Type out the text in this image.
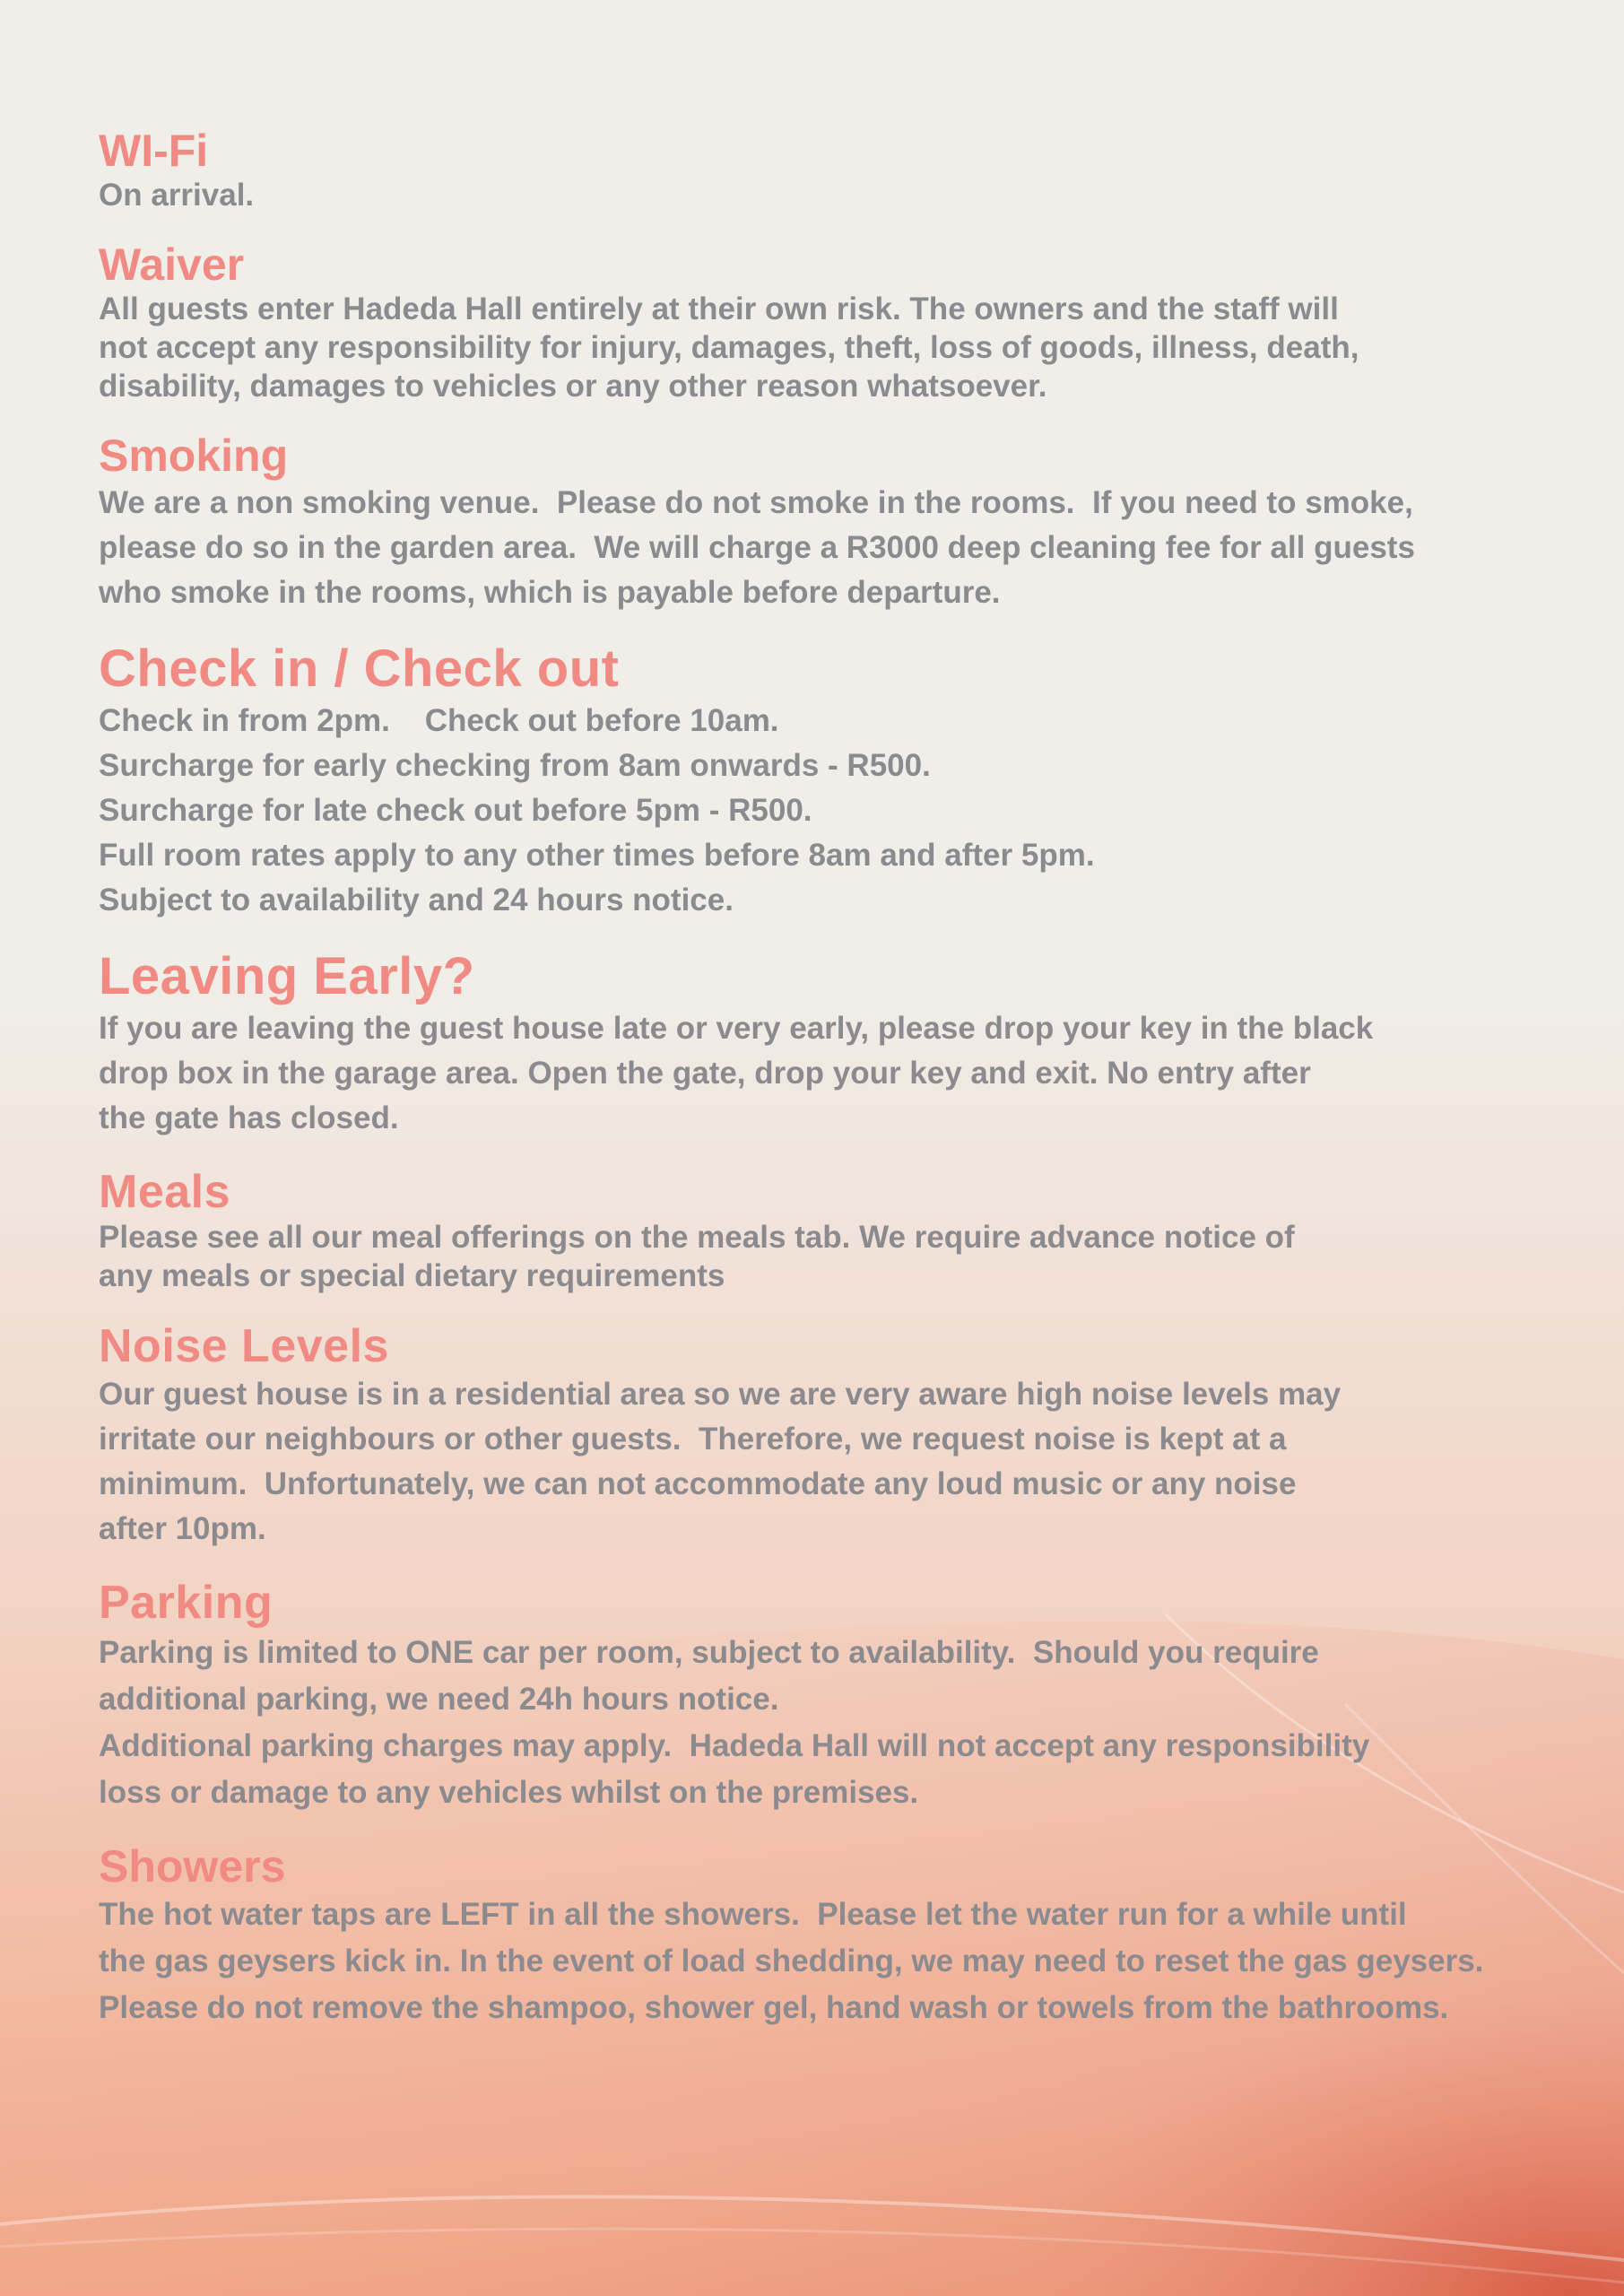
WI-Fi

On arrival.

Waiver

All guests enter Hadeda Hall entirely at their own risk. The owners and the staff will

not accept any responsibility for injury, damages, theft, loss of goods, illness, death,

disability, damages to vehicles or any other reason whatsoever.

Smoking

We are a non smoking venue.  Please do not smoke in the rooms.  If you need to smoke,

please do so in the garden area.  We will charge a R3000 deep cleaning fee for all guests

who smoke in the rooms, which is payable before departure.

Check in / Check out

Check in from 2pm.    Check out before 10am.

Surcharge for early checking from 8am onwards - R500.

Surcharge for late check out before 5pm - R500.

Full room rates apply to any other times before 8am and after 5pm.

Subject to availability and 24 hours notice.

Leaving Early?

If you are leaving the guest house late or very early, please drop your key in the black

drop box in the garage area. Open the gate, drop your key and exit. No entry after

the gate has closed.

Meals

Please see all our meal offerings on the meals tab. We require advance notice of

any meals or special dietary requirements

Noise Levels

Our guest house is in a residential area so we are very aware high noise levels may

irritate our neighbours or other guests.  Therefore, we request noise is kept at a

minimum.  Unfortunately, we can not accommodate any loud music or any noise

after 10pm.

Parking

Parking is limited to ONE car per room, subject to availability.  Should you require

additional parking, we need 24h hours notice.

Additional parking charges may apply.  Hadeda Hall will not accept any responsibility

loss or damage to any vehicles whilst on the premises.

Showers

The hot water taps are LEFT in all the showers.  Please let the water run for a while until

the gas geysers kick in. In the event of load shedding, we may need to reset the gas geysers.

Please do not remove the shampoo, shower gel, hand wash or towels from the bathrooms.
